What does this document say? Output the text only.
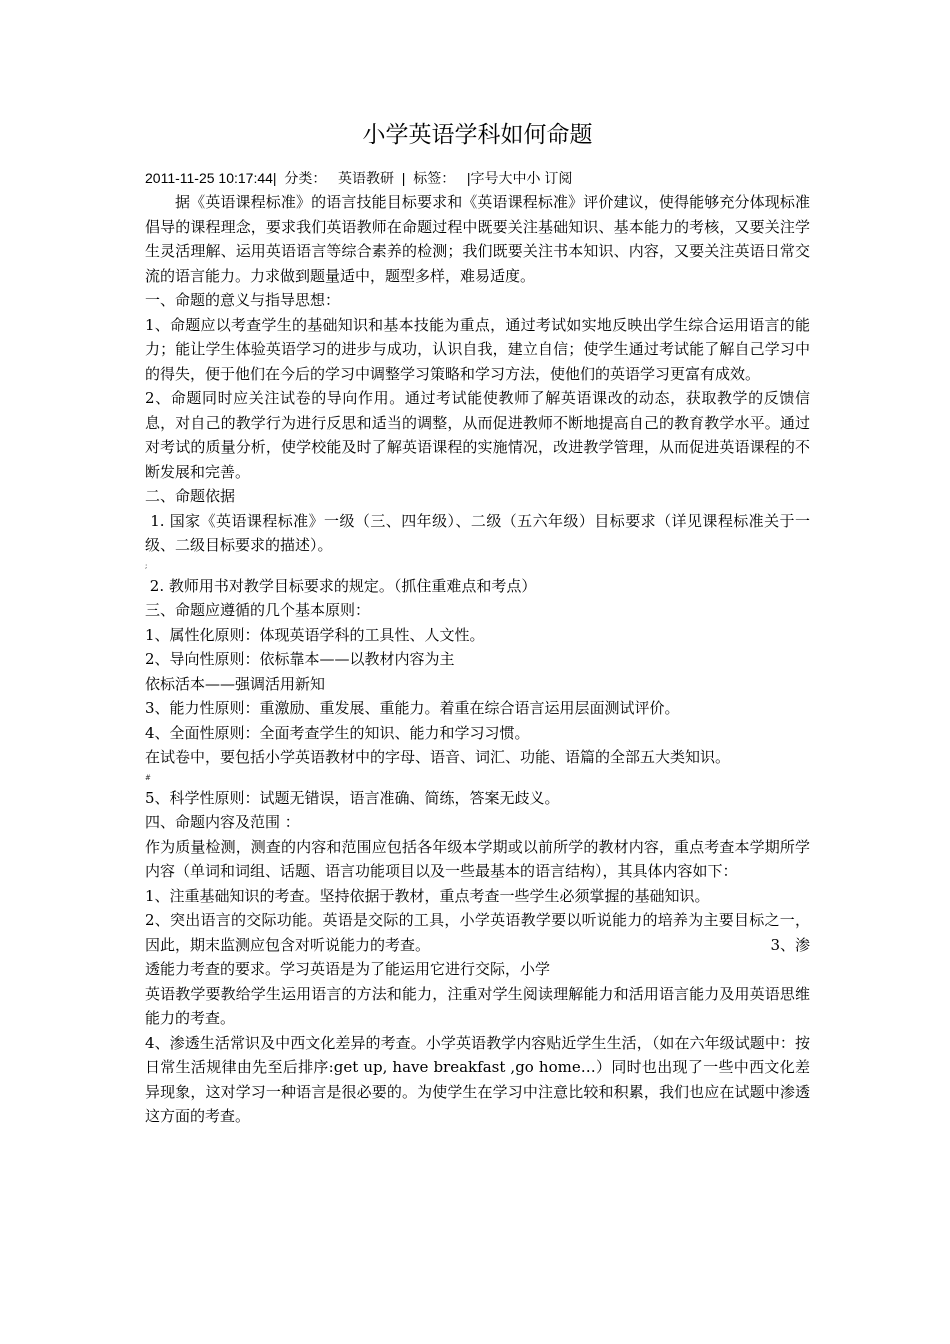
小学英语学科如何命题
2011-11-25 10:17:44| 分类： 英语教研 | 标签： |字号大中小 订阅

据《英语课程标准》的语言技能目标要求和《英语课程标准》评价建议，使得能够充分体现标准倡导的课程理念，要求我们英语教师在命题过程中既要关注基础知识、基本能力的考核，又要关注学生灵活理解、运用英语语言等综合素养的检测；我们既要关注书本知识、内容，又要关注英语日常交流的语言能力。力求做到题量适中，题型多样，难易适度。

一、命题的意义与指导思想：

1、命题应以考查学生的基础知识和基本技能为重点，通过考试如实地反映出学生综合运用语言的能力；能让学生体验英语学习的进步与成功，认识自我，建立自信；使学生通过考试能了解自己学习中的得失，便于他们在今后的学习中调整学习策略和学习方法，使他们的英语学习更富有成效。

2、命题同时应关注试卷的导向作用。通过考试能使教师了解英语课改的动态，获取教学的反馈信息，对自己的教学行为进行反思和适当的调整，从而促进教师不断地提高自己的教育教学水平。通过对考试的质量分析，使学校能及时了解英语课程的实施情况，改进教学管理，从而促进英语课程的不断发展和完善。

二、命题依据

1. 国家《英语课程标准》一级（三、四年级）、二级（五六年级）目标要求（详见课程标准关于一级、二级目标要求的描述）。

;

2. 教师用书对教学目标要求的规定。（抓住重难点和考点）

三、命题应遵循的几个基本原则：

1、属性化原则：体现英语学科的工具性、人文性。

2、导向性原则：依标靠本——以教材内容为主

依标活本——强调活用新知

3、能力性原则：重激励、重发展、重能力。着重在综合语言运用层面测试评价。

4、全面性原则：全面考查学生的知识、能力和学习习惯。

在试卷中，要包括小学英语教材中的字母、语音、词汇、功能、语篇的全部五大类知识。

#

5、科学性原则：试题无错误，语言准确、简练，答案无歧义。

四、命题内容及范围 ：

作为质量检测，测查的内容和范围应包括各年级本学期或以前所学的教材内容，重点考查本学期所学内容（单词和词组、话题、语言功能项目以及一些最基本的语言结构），其具体内容如下：

1、注重基础知识的考查。坚持依据于教材，重点考查一些学生必须掌握的基础知识。

2、突出语言的交际功能。英语是交际的工具，小学英语教学要以听说能力的培养为主要目标之一，因此，期末监测应包含对听说能力的考查。	3、渗

透能力考查的要求。学习英语是为了能运用它进行交际，小学

英语教学要教给学生运用语言的方法和能力，注重对学生阅读理解能力和活用语言能力及用英语思维能力的考查。

4、渗透生活常识及中西文化差异的考查。小学英语教学内容贴近学生生活，（如在六年级试题中：按日常生活规律由先至后排序:get up, have breakfast ,go home…）同时也出现了一些中西文化差异现象，这对学习一种语言是很必要的。为使学生在学习中注意比较和积累，我们也应在试题中渗透这方面的考查。
